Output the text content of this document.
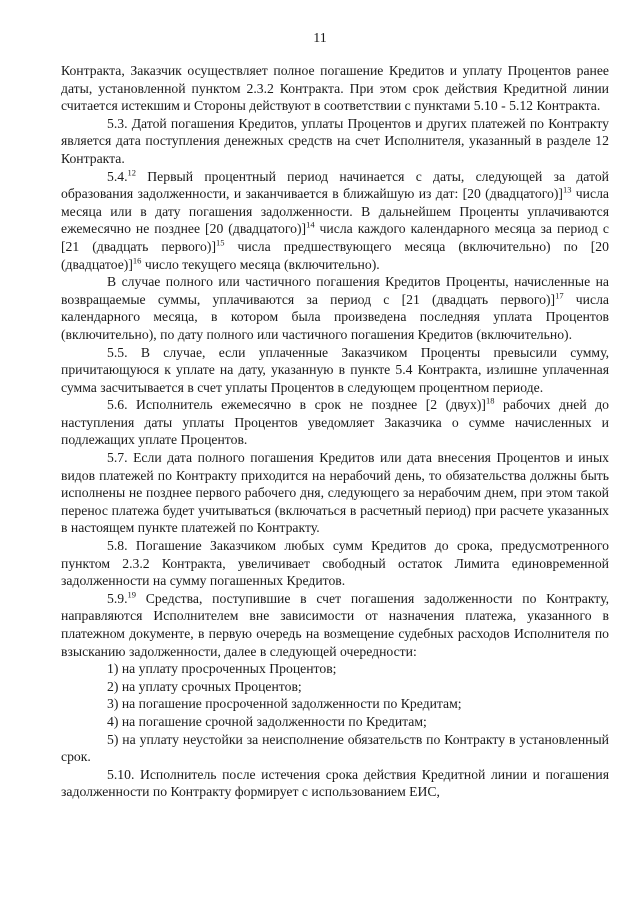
11

Контракта, Заказчик осуществляет полное погашение Кредитов и уплату Процентов ранее даты, установленной пунктом 2.3.2 Контракта. При этом срок действия Кредитной линии считается истекшим и Стороны действуют в соответствии с пунктами 5.10 - 5.12 Контракта.

5.3. Датой погашения Кредитов, уплаты Процентов и других платежей по Контракту является дата поступления денежных средств на счет Исполнителя, указанный в разделе 12 Контракта.

5.4.12 Первый процентный период начинается с даты, следующей за датой образования задолженности, и заканчивается в ближайшую из дат: [20 (двадцатого)]$^{13}$ числа месяца или в дату погашения задолженности. В дальнейшем Проценты уплачиваются ежемесячно не позднее [20 (двадцатого)]$^{14}$ числа каждого календарного месяца за период с [21 (двадцать первого)]$^{15}$ числа предшествующего месяца (включительно) по [20 (двадцатое)]$^{16}$ число текущего месяца (включительно).

В случае полного или частичного погашения Кредитов Проценты, начисленные на возвращаемые суммы, уплачиваются за период с [21 (двадцать первого)]$^{17}$ числа календарного месяца, в котором была произведена последняя уплата Процентов (включительно), по дату полного или частичного погашения Кредитов (включительно).

5.5. В случае, если уплаченные Заказчиком Проценты превысили сумму, причитающуюся к уплате на дату, указанную в пункте 5.4 Контракта, излишне уплаченная сумма засчитывается в счет уплаты Процентов в следующем процентном периоде.

5.6. Исполнитель ежемесячно в срок не позднее [2 (двух)]$^{18}$ рабочих дней до наступления даты уплаты Процентов уведомляет Заказчика о сумме начисленных и подлежащих уплате Процентов.

5.7. Если дата полного погашения Кредитов или дата внесения Процентов и иных видов платежей по Контракту приходится на нерабочий день, то обязательства должны быть исполнены не позднее первого рабочего дня, следующего за нерабочим днем, при этом такой перенос платежа будет учитываться (включаться в расчетный период) при расчете указанных в настоящем пункте платежей по Контракту.

5.8. Погашение Заказчиком любых сумм Кредитов до срока, предусмотренного пунктом 2.3.2 Контракта, увеличивает свободный остаток Лимита единовременной задолженности на сумму погашенных Кредитов.

5.9.19 Средства, поступившие в счет погашения задолженности по Контракту, направляются Исполнителем вне зависимости от назначения платежа, указанного в платежном документе, в первую очередь на возмещение судебных расходов Исполнителя по взысканию задолженности, далее в следующей очередности:

1) на уплату просроченных Процентов;

2) на уплату срочных Процентов;

3) на погашение просроченной задолженности по Кредитам;

4) на погашение срочной задолженности по Кредитам;

5) на уплату неустойки за неисполнение обязательств по Контракту в установленный срок.

5.10. Исполнитель после истечения срока действия Кредитной линии и погашения задолженности по Контракту формирует с использованием ЕИС,
